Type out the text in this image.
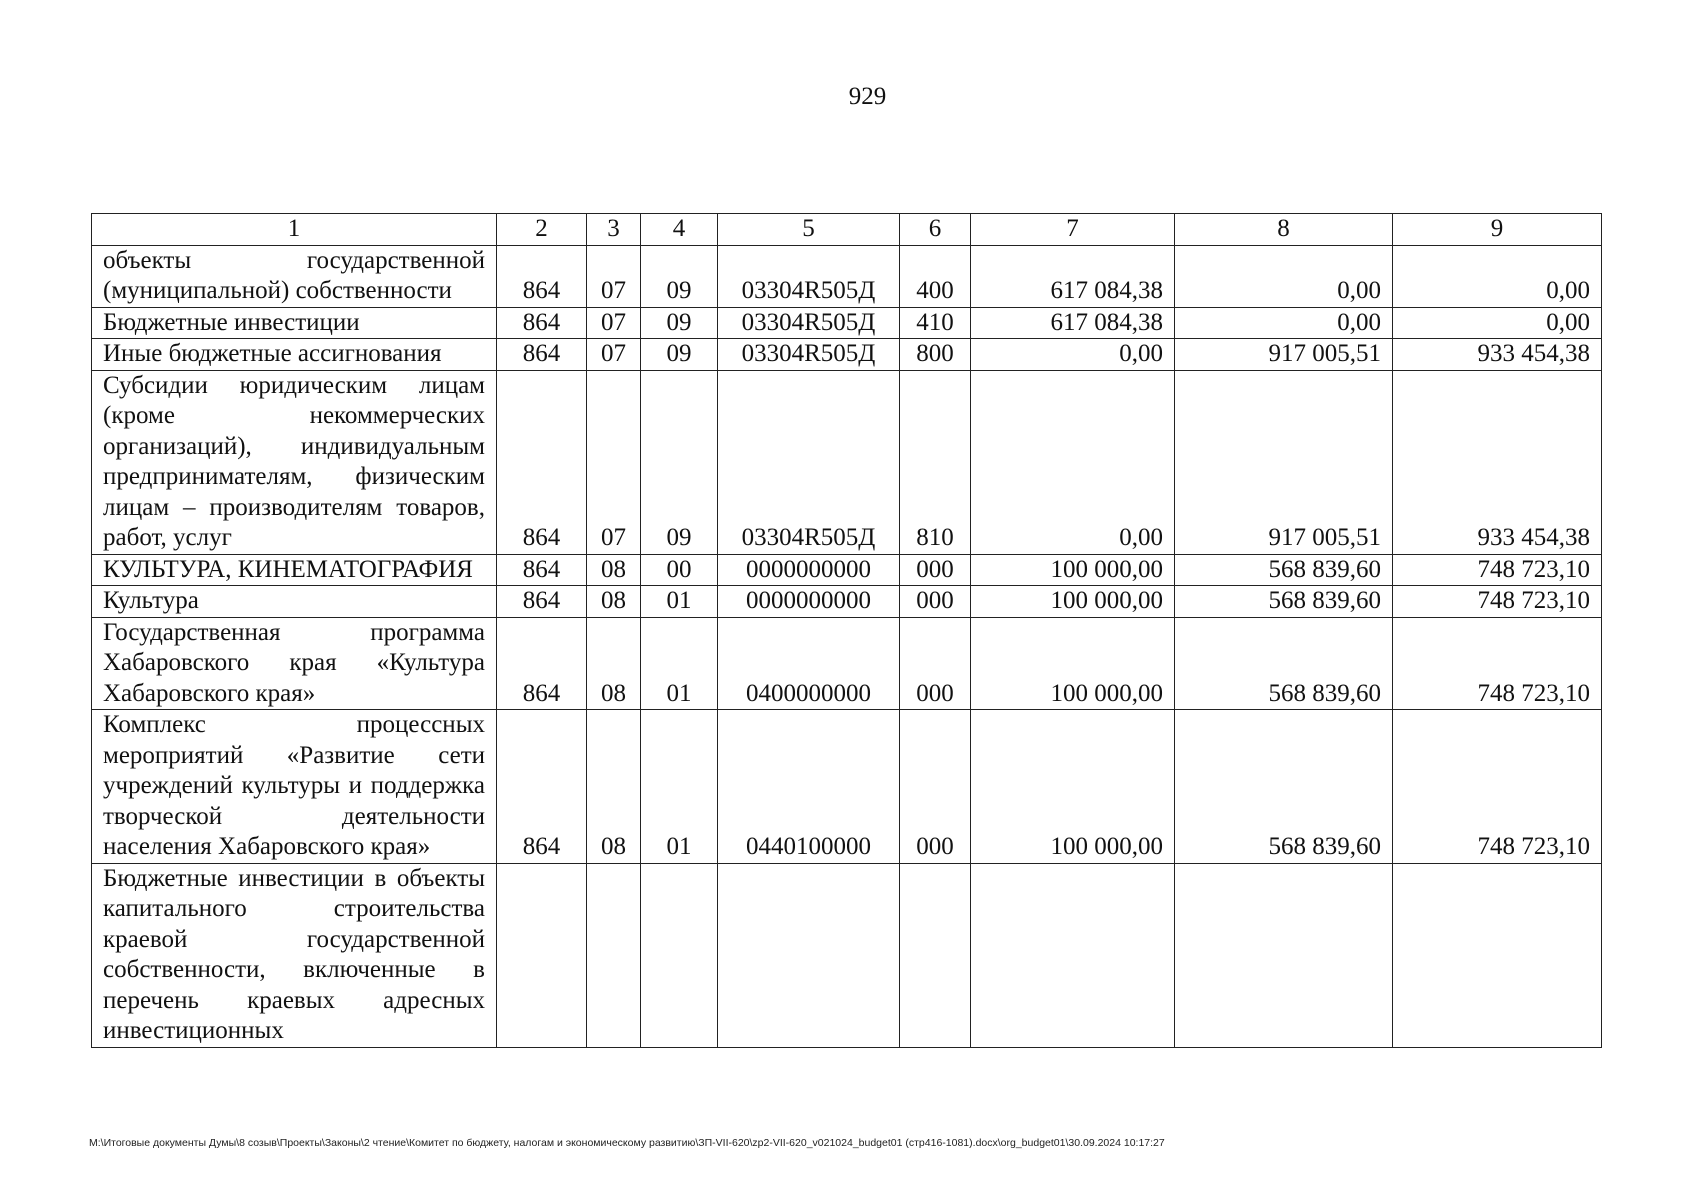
929
1	2	3	4	5	6	7	8	9
объекты государственной (муниципальной) собственности	864	07	09	03304R505Д	400	617 084,38	0,00	0,00
Бюджетные инвестиции	864	07	09	03304R505Д	410	617 084,38	0,00	0,00
Иные бюджетные ассигнования	864	07	09	03304R505Д	800	0,00	917 005,51	933 454,38
Субсидии юридическим лицам (кроме некоммерческих организаций), индивидуальным предпринимателям, физическим лицам – производителям товаров, работ, услуг	864	07	09	03304R505Д	810	0,00	917 005,51	933 454,38
КУЛЬТУРА, КИНЕМАТОГРАФИЯ	864	08	00	0000000000	000	100 000,00	568 839,60	748 723,10
Культура	864	08	01	0000000000	000	100 000,00	568 839,60	748 723,10
Государственная программа Хабаровского края «Культура Хабаровского края»	864	08	01	0400000000	000	100 000,00	568 839,60	748 723,10
Комплекс процессных мероприятий «Развитие сети учреждений культуры и поддержка творческой деятельности населения Хабаровского края»	864	08	01	0440100000	000	100 000,00	568 839,60	748 723,10
Бюджетные инвестиции в объекты капитального строительства краевой государственной собственности, включенные в перечень краевых адресных инвестиционных								
M:\Итоговые документы Думы\8 созыв\Проекты\Законы\2 чтение\Комитет по бюджету, налогам и экономическому развитию\ЗП-VII-620\zp2-VII-620_v021024_budget01 (стр416-1081).docx\org_budget01\30.09.2024 10:17:27
